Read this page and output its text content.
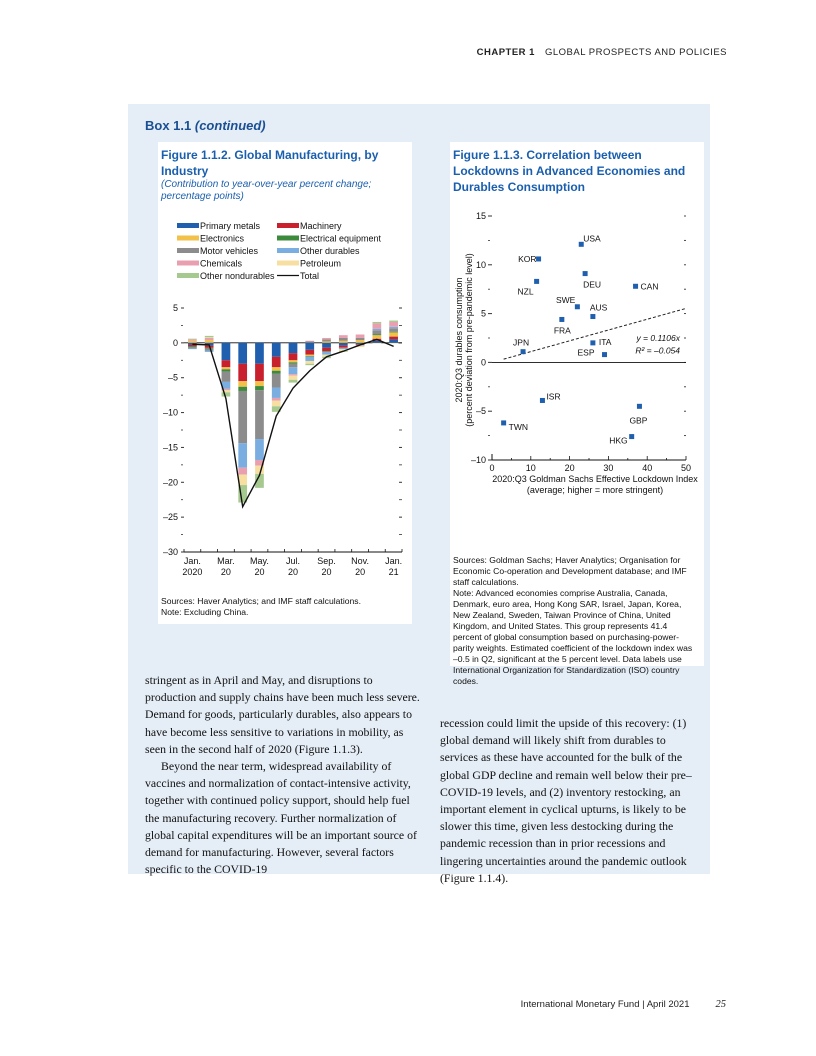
CHAPTER 1 GLOBAL PROSPECTS AND POLICIES
Box 1.1 (continued)
Figure 1.1.2. Global Manufacturing, by Industry
(Contribution to year-over-year percent change; percentage points)
Primary metals
Electronics
Motor vehicles
Chemicals
Other nondurables
Machinery
Electrical equipment
Other durables
Petroleum
Total
5
0
–5
–10
–15
–20
–25
–30
Jan.
2020
Mar.
20
May.
20
Jul.
20
Sep.
20
Nov.
20
Jan.
21
Sources: Haver Analytics; and IMF staff calculations.
Note: Excluding China.
Figure 1.1.3. Correlation between Lockdowns in Advanced Economies and Durables Consumption
15
10
5
0
–5
–10
0	10	20	30	40	50
2020:Q3 Goldman Sachs Effective Lockdown Index
(average; higher = more stringent)
2020:Q3 durables consumption (percent deviation from pre-pandemic level)	y = 0.1106x
R² = –0.054
USA
KOR
DEU
NZL
CAN
SWE
AUS
FRA
JPN	ITA
ESP
ISR
GBP
TWN
HKG
Sources: Goldman Sachs; Haver Analytics; Organisation for Economic Co-operation and Development database; and IMF staff calculations.
Note: Advanced economies comprise Australia, Canada, Denmark, euro area, Hong Kong SAR, Israel, Japan, Korea, New Zealand, Sweden, Taiwan Province of China, United Kingdom, and United States. This group represents 41.4 percent of global consumption based on purchasing-power-parity weights. Estimated coefficient of the lockdown index was –0.5 in Q2, significant at the 5 percent level. Data labels use International Organization for Standardization (ISO) country codes.

stringent as in April and May, and disruptions to production and supply chains have been much less severe. Demand for goods, particularly durables, also appears to have become less sensitive to variations in mobility, as seen in the second half of 2020 (Figure 1.1.3).

Beyond the near term, widespread availability of vaccines and normalization of contact-intensive activity, together with continued policy support, should help fuel the manufacturing recovery. Further normalization of global capital expenditures will be an important source of demand for manufacturing. However, several factors specific to the COVID-19

recession could limit the upside of this recovery: (1) global demand will likely shift from durables to services as these have accounted for the bulk of the global GDP decline and remain well below their pre–COVID-19 levels, and (2) inventory restocking, an important element in cyclical upturns, is likely to be slower this time, given less destocking during the pandemic recession than in prior recessions and lingering uncertainties around the pandemic outlook (Figure 1.1.4).

International Monetary Fund | April 2021 25
